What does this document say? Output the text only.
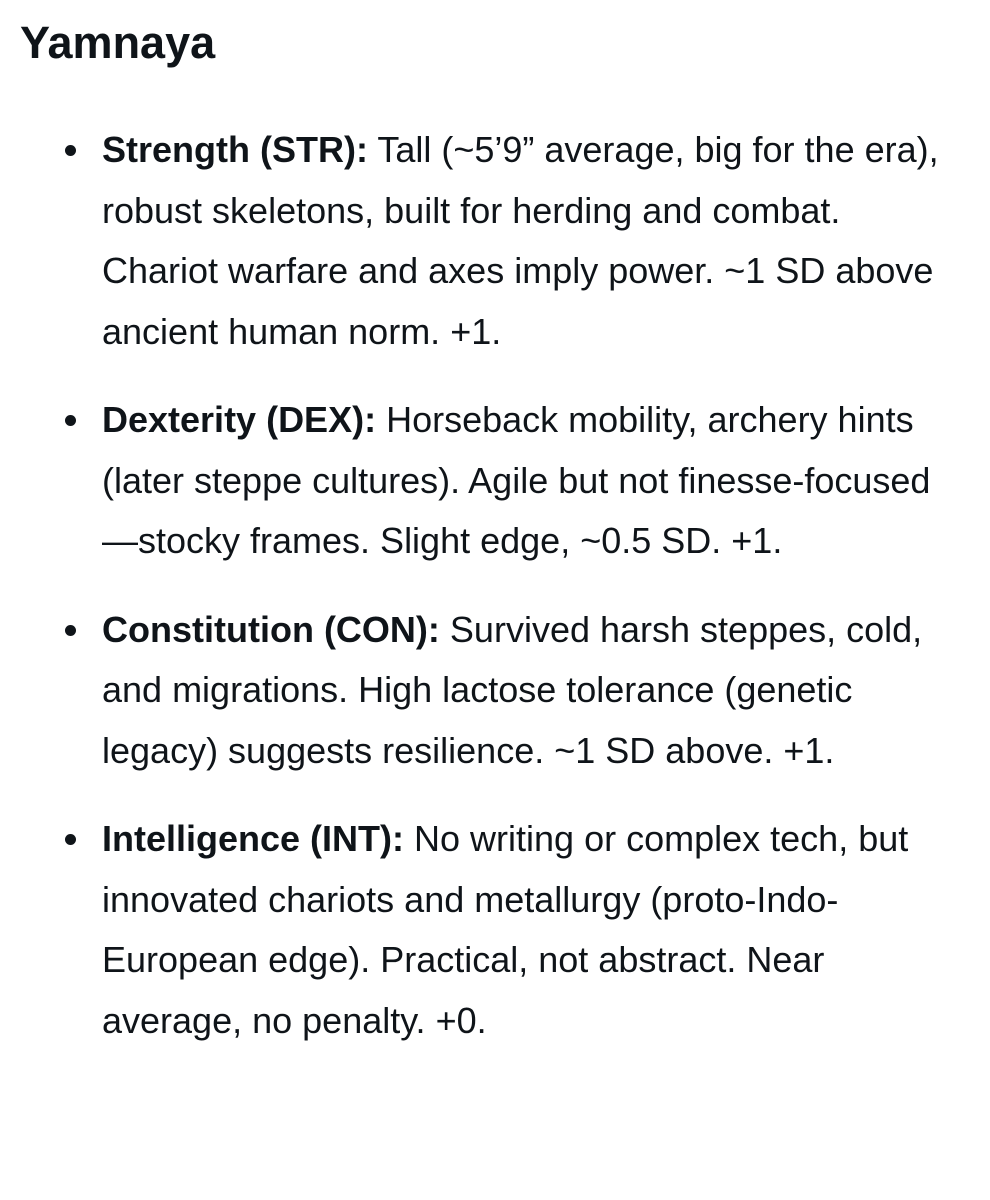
Yamnaya
Strength (STR): Tall (~5’9” average, big for the era), robust skeletons, built for herding and combat. Chariot warfare and axes imply power. ~1 SD above ancient human norm. +1.
Dexterity (DEX): Horseback mobility, archery hints (later steppe cultures). Agile but not finesse-focused—stocky frames. Slight edge, ~0.5 SD. +1.
Constitution (CON): Survived harsh steppes, cold, and migrations. High lactose tolerance (genetic legacy) suggests resilience. ~1 SD above. +1.
Intelligence (INT): No writing or complex tech, but innovated chariots and metallurgy (proto-Indo-European edge). Practical, not abstract. Near average, no penalty. +0.
